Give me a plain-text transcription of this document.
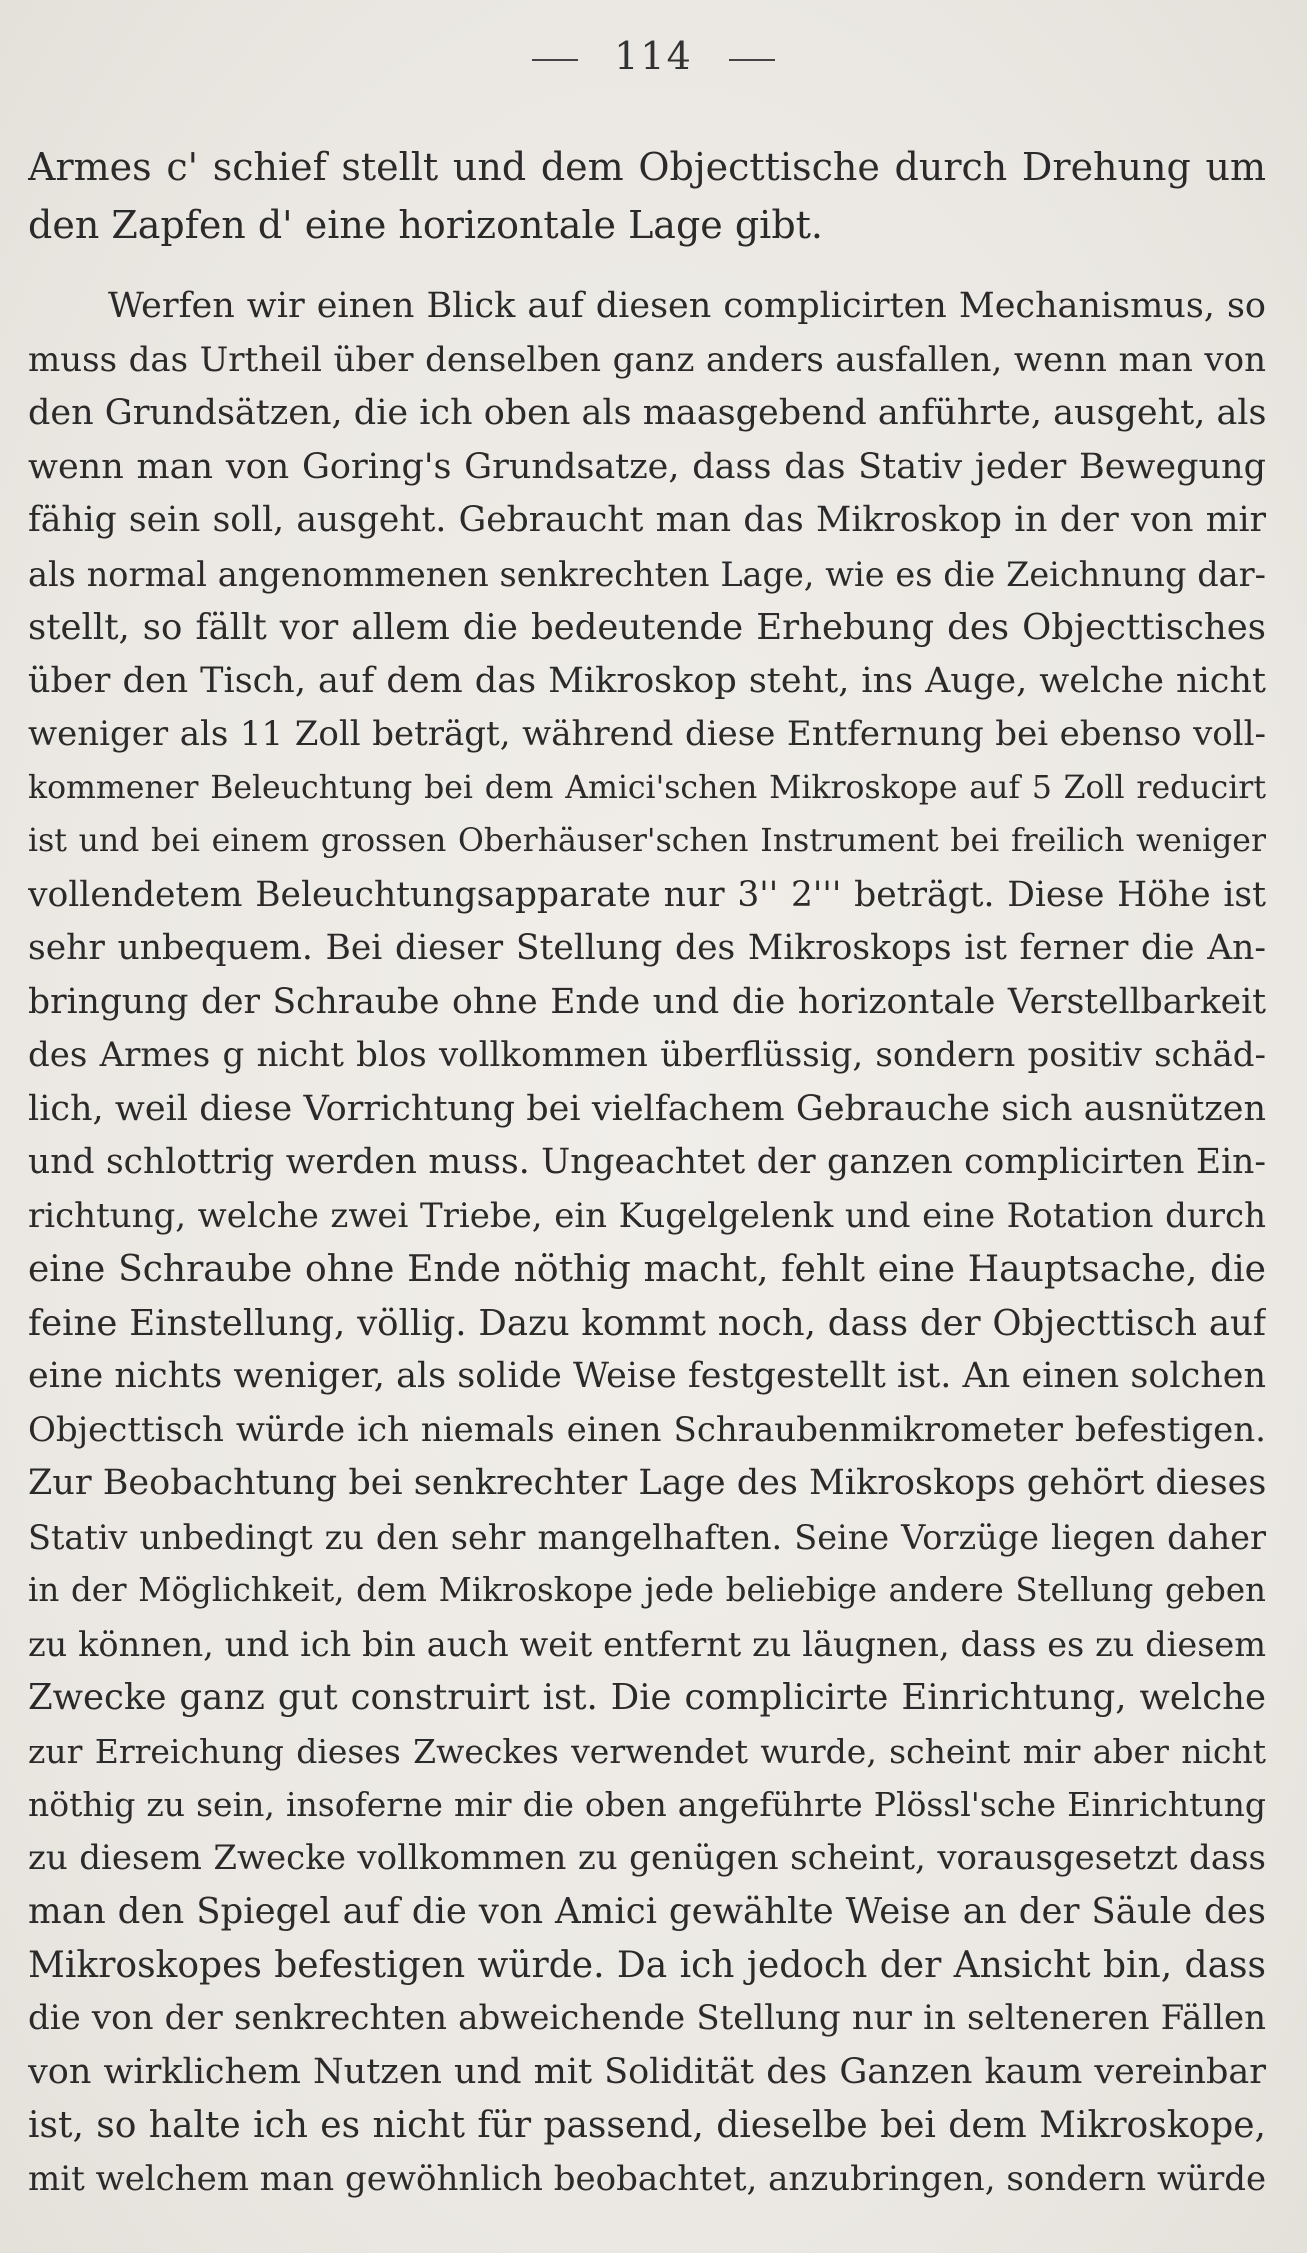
114
Armes c' schief stellt und dem Objecttische durch Drehung um
den Zapfen d' eine horizontale Lage gibt.
Werfen wir einen Blick auf diesen complicirten Mechanismus, so
muss das Urtheil über denselben ganz anders ausfallen, wenn man von
den Grundsätzen, die ich oben als maasgebend anführte, ausgeht, als
wenn man von Goring's Grundsatze, dass das Stativ jeder Bewegung
fähig sein soll, ausgeht. Gebraucht man das Mikroskop in der von mir
als normal angenommenen senkrechten Lage, wie es die Zeichnung dar-
stellt, so fällt vor allem die bedeutende Erhebung des Objecttisches
über den Tisch, auf dem das Mikroskop steht, ins Auge, welche nicht
weniger als 11 Zoll beträgt, während diese Entfernung bei ebenso voll-
kommener Beleuchtung bei dem Amici'schen Mikroskope auf 5 Zoll reducirt
ist und bei einem grossen Oberhäuser'schen Instrument bei freilich weniger
vollendetem Beleuchtungsapparate nur 3'' 2''' beträgt. Diese Höhe ist
sehr unbequem. Bei dieser Stellung des Mikroskops ist ferner die An-
bringung der Schraube ohne Ende und die horizontale Verstellbarkeit
des Armes g nicht blos vollkommen überflüssig, sondern positiv schäd-
lich, weil diese Vorrichtung bei vielfachem Gebrauche sich ausnützen
und schlottrig werden muss. Ungeachtet der ganzen complicirten Ein-
richtung, welche zwei Triebe, ein Kugelgelenk und eine Rotation durch
eine Schraube ohne Ende nöthig macht, fehlt eine Hauptsache, die
feine Einstellung, völlig. Dazu kommt noch, dass der Objecttisch auf
eine nichts weniger, als solide Weise festgestellt ist. An einen solchen
Objecttisch würde ich niemals einen Schraubenmikrometer befestigen.
Zur Beobachtung bei senkrechter Lage des Mikroskops gehört dieses
Stativ unbedingt zu den sehr mangelhaften. Seine Vorzüge liegen daher
in der Möglichkeit, dem Mikroskope jede beliebige andere Stellung geben
zu können, und ich bin auch weit entfernt zu läugnen, dass es zu diesem
Zwecke ganz gut construirt ist. Die complicirte Einrichtung, welche
zur Erreichung dieses Zweckes verwendet wurde, scheint mir aber nicht
nöthig zu sein, insoferne mir die oben angeführte Plössl'sche Einrichtung
zu diesem Zwecke vollkommen zu genügen scheint, vorausgesetzt dass
man den Spiegel auf die von Amici gewählte Weise an der Säule des
Mikroskopes befestigen würde. Da ich jedoch der Ansicht bin, dass
die von der senkrechten abweichende Stellung nur in selteneren Fällen
von wirklichem Nutzen und mit Solidität des Ganzen kaum vereinbar
ist, so halte ich es nicht für passend, dieselbe bei dem Mikroskope,
mit welchem man gewöhnlich beobachtet, anzubringen, sondern würde
